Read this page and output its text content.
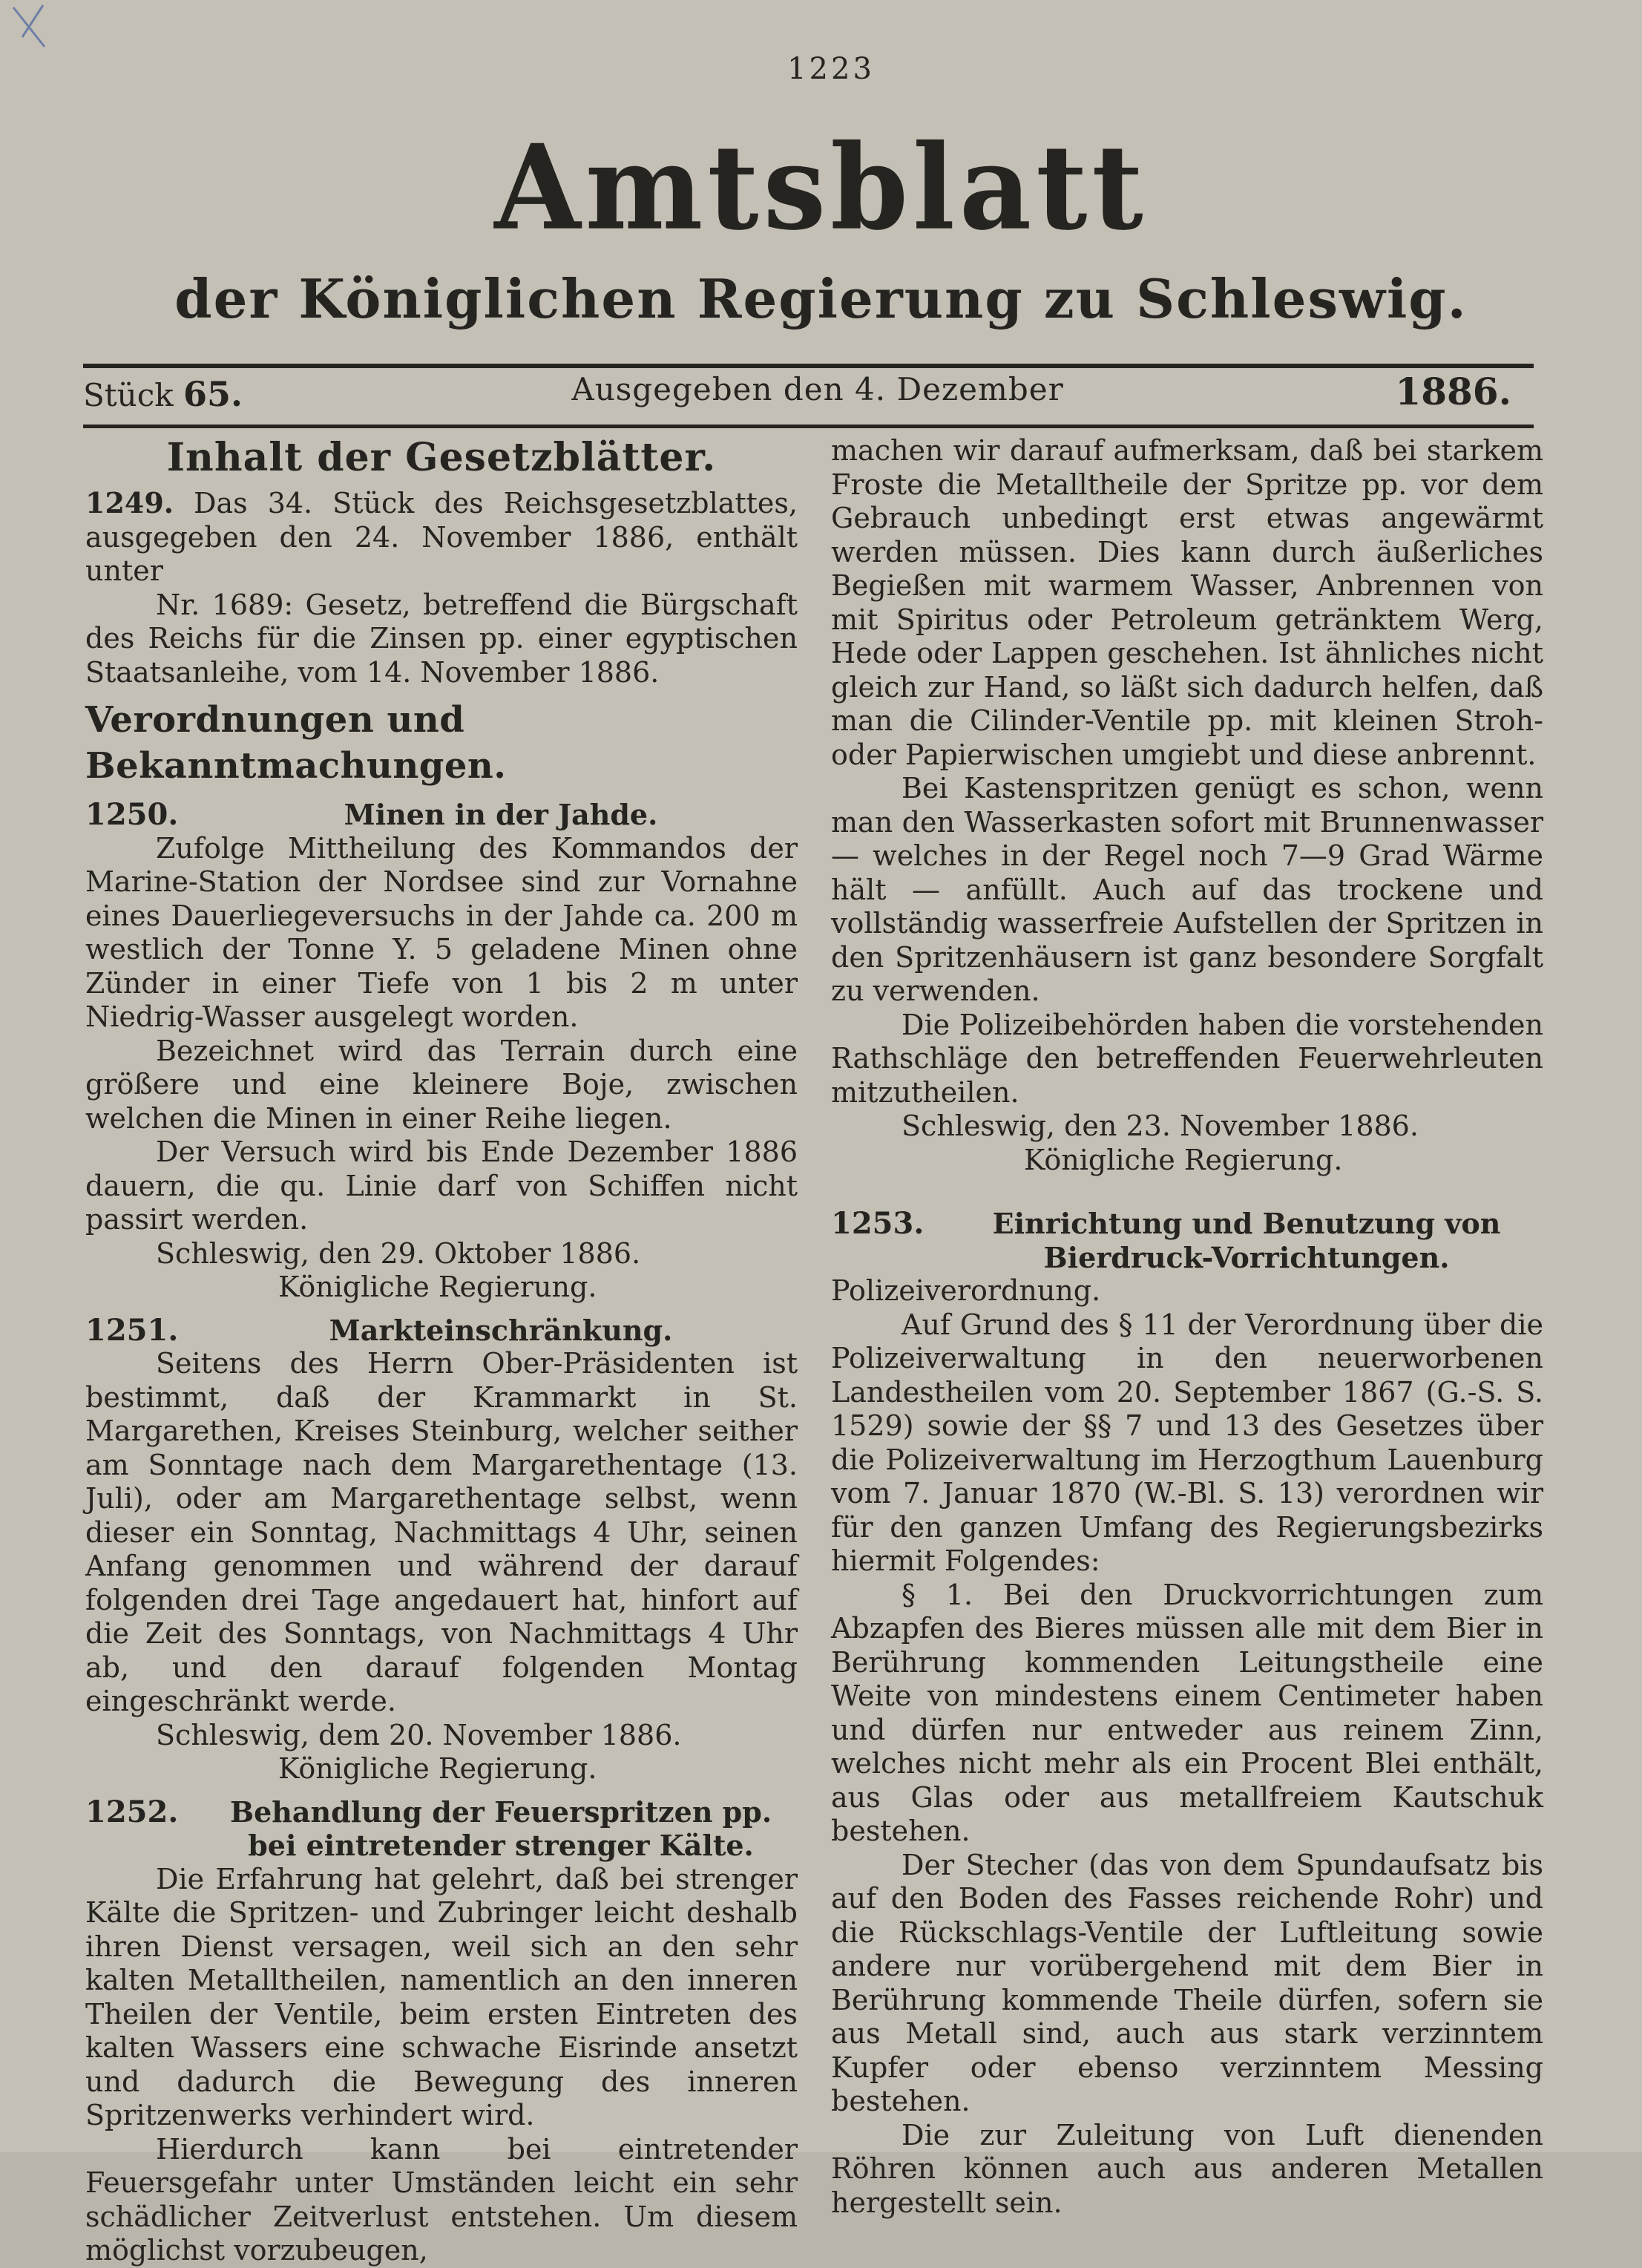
1223
Amtsblatt
der Königlichen Regierung zu Schleswig.
Stück 65.	Ausgegeben den 4. Dezember	1886.
Inhalt der Gesetzblätter.

1249. Das 34. Stück des Reichsgesetzblattes, ausgegeben den 24. November 1886, enthält unter

Nr. 1689: Gesetz, betreffend die Bürgschaft des Reichs für die Zinsen pp. einer egyptischen Staatsanleihe, vom 14. November 1886.

Verordnungen und Bekanntmachungen.
1250.	Minen in der Jahde.

Zufolge Mittheilung des Kommandos der Marine-Station der Nordsee sind zur Vornahne eines Dauerliegeversuchs in der Jahde ca. 200 m westlich der Tonne Y. 5 geladene Minen ohne Zünder in einer Tiefe von 1 bis 2 m unter Niedrig-Wasser ausgelegt worden.

Bezeichnet wird das Terrain durch eine größere und eine kleinere Boje, zwischen welchen die Minen in einer Reihe liegen.

Der Versuch wird bis Ende Dezember 1886 dauern, die qu. Linie darf von Schiffen nicht passirt werden.

Schleswig, den 29. Oktober 1886.

Königliche Regierung.

1251.	Markteinschränkung.

Seitens des Herrn Ober-Präsidenten ist bestimmt, daß der Krammarkt in St. Margarethen, Kreises Steinburg, welcher seither am Sonntage nach dem Margarethentage (13. Juli), oder am Margarethentage selbst, wenn dieser ein Sonntag, Nachmittags 4 Uhr, seinen Anfang genommen und während der darauf folgenden drei Tage angedauert hat, hinfort auf die Zeit des Sonntags, von Nachmittags 4 Uhr ab, und den darauf folgenden Montag eingeschränkt werde.

Schleswig, dem 20. November 1886.

Königliche Regierung.

1252.	Behandlung der Feuerspritzen pp. bei eintretender strenger Kälte.

Die Erfahrung hat gelehrt, daß bei strenger Kälte die Spritzen- und Zubringer leicht deshalb ihren Dienst versagen, weil sich an den sehr kalten Metalltheilen, namentlich an den inneren Theilen der Ventile, beim ersten Eintreten des kalten Wassers eine schwache Eisrinde ansetzt und dadurch die Bewegung des inneren Spritzenwerks verhindert wird.

Hierdurch kann bei eintretender Feuersgefahr unter Umständen leicht ein sehr schädlicher Zeitverlust entstehen. Um diesem möglichst vorzubeugen,

machen wir darauf aufmerksam, daß bei starkem Froste die Metalltheile der Spritze pp. vor dem Gebrauch unbedingt erst etwas angewärmt werden müssen. Dies kann durch äußerliches Begießen mit warmem Wasser, Anbrennen von mit Spiritus oder Petroleum getränktem Werg, Hede oder Lappen geschehen. Ist ähnliches nicht gleich zur Hand, so läßt sich dadurch helfen, daß man die Cilinder-Ventile pp. mit kleinen Stroh- oder Papierwischen umgiebt und diese anbrennt.

Bei Kastenspritzen genügt es schon, wenn man den Wasserkasten sofort mit Brunnenwasser — welches in der Regel noch 7—9 Grad Wärme hält — anfüllt. Auch auf das trockene und vollständig wasserfreie Aufstellen der Spritzen in den Spritzenhäusern ist ganz besondere Sorgfalt zu verwenden.

Die Polizeibehörden haben die vorstehenden Rathschläge den betreffenden Feuerwehrleuten mitzutheilen.

Schleswig, den 23. November 1886.

Königliche Regierung.

1253.	Einrichtung und Benutzung von Bierdruck-Vorrichtungen.

Polizeiverordnung.

Auf Grund des § 11 der Verordnung über die Polizeiverwaltung in den neuerworbenen Landestheilen vom 20. September 1867 (G.-S. S. 1529) sowie der §§ 7 und 13 des Gesetzes über die Polizeiverwaltung im Herzogthum Lauenburg vom 7. Januar 1870 (W.-Bl. S. 13) verordnen wir für den ganzen Umfang des Regierungsbezirks hiermit Folgendes:

§ 1. Bei den Druckvorrichtungen zum Abzapfen des Bieres müssen alle mit dem Bier in Berührung kommenden Leitungstheile eine Weite von mindestens einem Centimeter haben und dürfen nur entweder aus reinem Zinn, welches nicht mehr als ein Procent Blei enthält, aus Glas oder aus metallfreiem Kautschuk bestehen.

Der Stecher (das von dem Spundaufsatz bis auf den Boden des Fasses reichende Rohr) und die Rückschlags-Ventile der Luftleitung sowie andere nur vorübergehend mit dem Bier in Berührung kommende Theile dürfen, sofern sie aus Metall sind, auch aus stark verzinntem Kupfer oder ebenso verzinntem Messing bestehen.

Die zur Zuleitung von Luft dienenden Röhren können auch aus anderen Metallen hergestellt sein.
